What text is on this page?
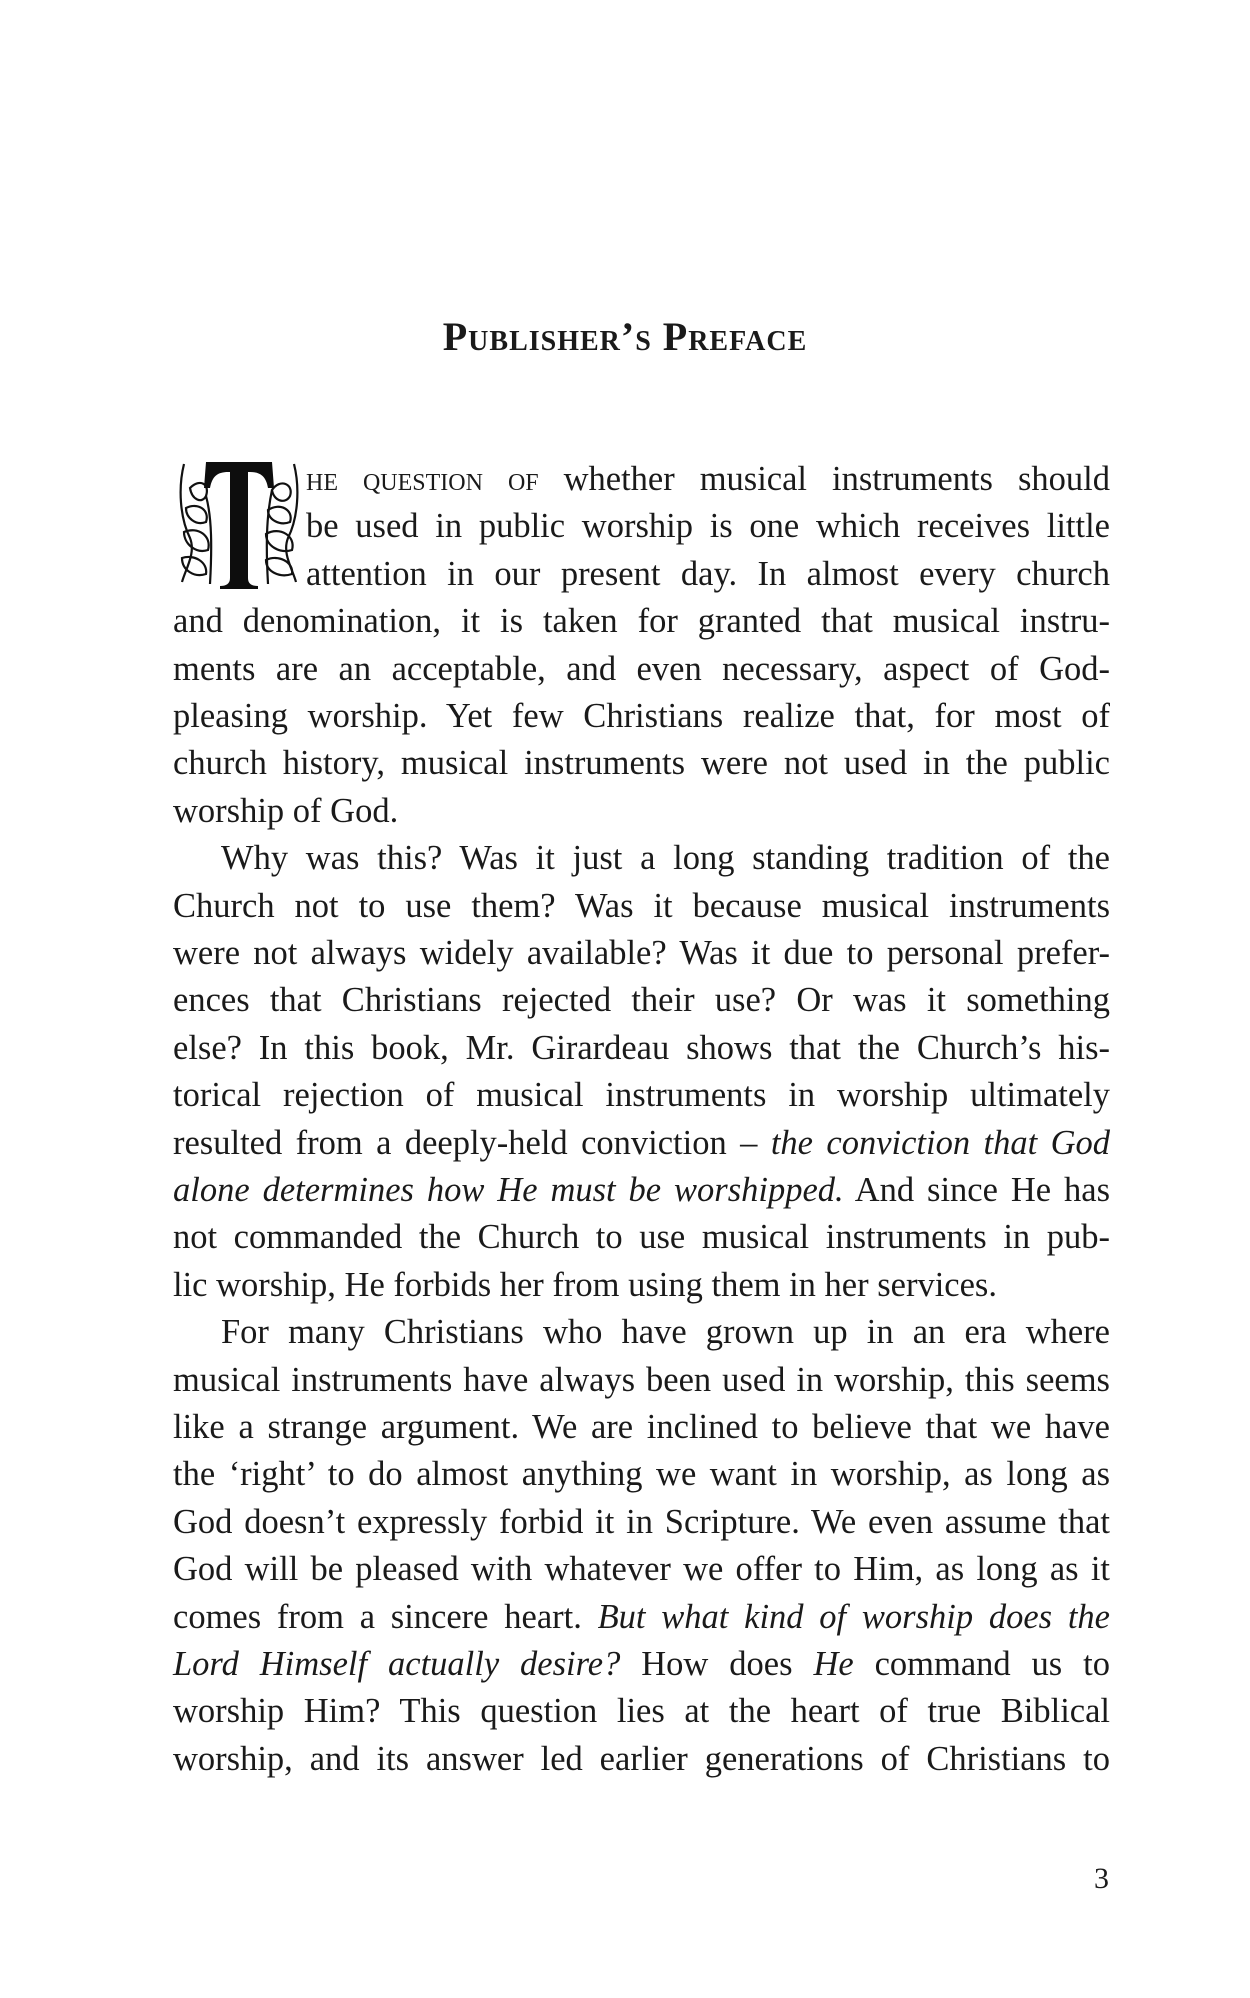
Publisher’s Preface
he question of whether musical instruments should
be used in public worship is one which receives little
attention in our present day. In almost every church
and denomination, it is taken for granted that musical instru-
ments are an acceptable, and even necessary, aspect of God-
pleasing worship. Yet few Christians realize that, for most of
church history, musical instruments were not used in the public
worship of God.
Why was this? Was it just a long standing tradition of the
Church not to use them? Was it because musical instruments
were not always widely available? Was it due to personal prefer-
ences that Christians rejected their use? Or was it something
else? In this book, Mr. Girardeau shows that the Church’s his-
torical rejection of musical instruments in worship ultimately
resulted from a deeply-held conviction – the conviction that God
alone determines how He must be worshipped. And since He has
not commanded the Church to use musical instruments in pub-
lic worship, He forbids her from using them in her services.
For many Christians who have grown up in an era where
musical instruments have always been used in worship, this seems
like a strange argument. We are inclined to believe that we have
the ‘right’ to do almost anything we want in worship, as long as
God doesn’t expressly forbid it in Scripture. We even assume that
God will be pleased with whatever we offer to Him, as long as it
comes from a sincere heart. But what kind of worship does the
Lord Himself actually desire? How does He command us to
worship Him? This question lies at the heart of true Biblical
worship, and its answer led earlier generations of Christians to
3
